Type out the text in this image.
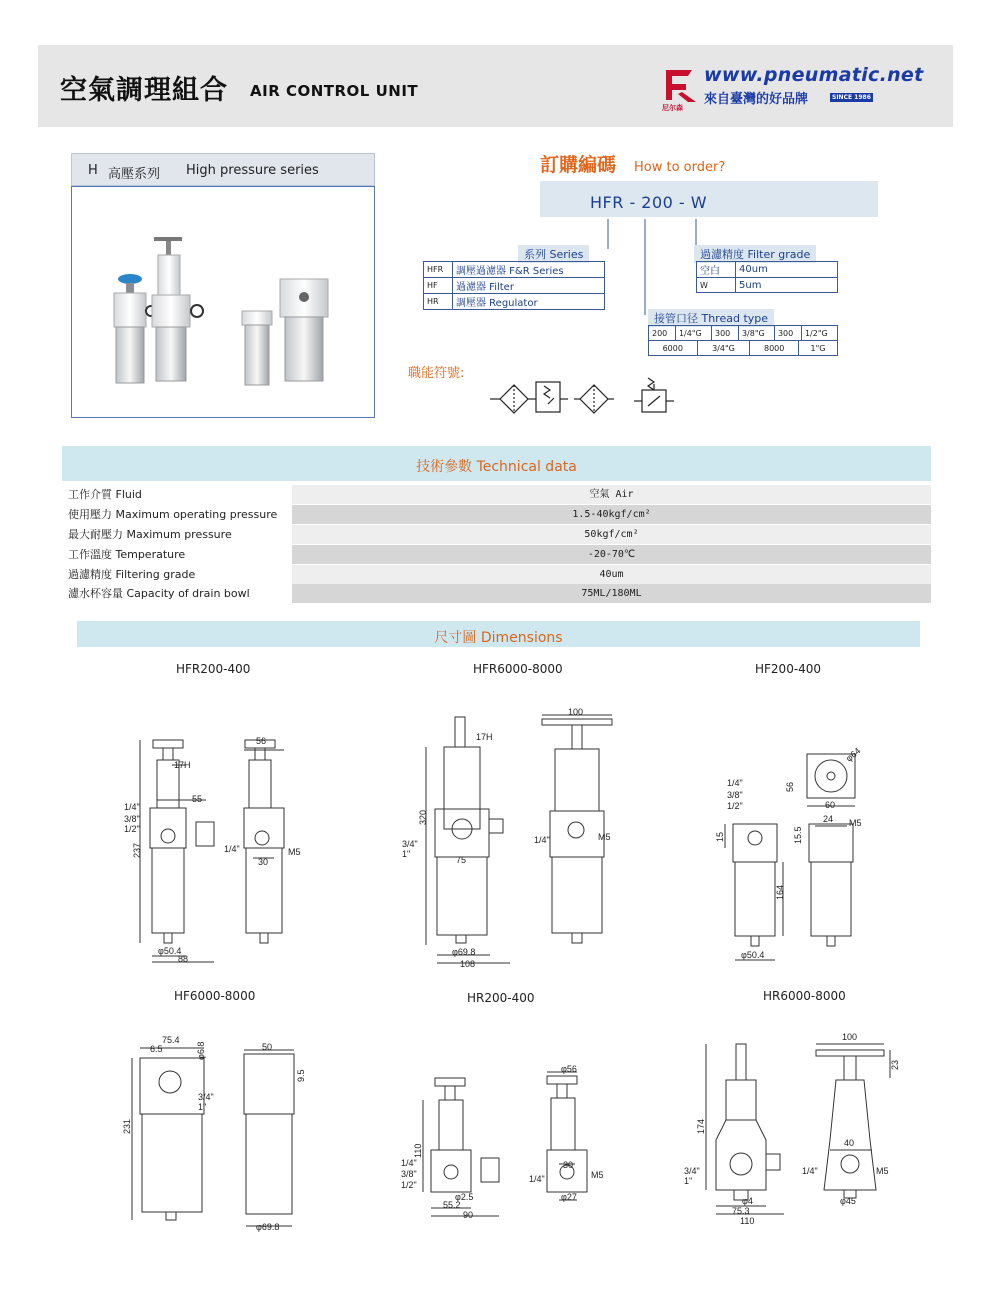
空氣調理組合 AIR CONTROL UNIT
尼尔森
www.pneumatic.net
來自臺灣的好品牌	SINCE 1986
H 高壓系列 High pressure series	訂購編碼 How to order?
HFR - 200 - W
系列 Series
HFR	調壓過濾器 F&R Series
HF	過濾器 Filter
HR	調壓器 Regulator
過濾精度 Filter grade
空白	40um
W	5um
接管口径 Thread type
200	1/4"G	300	3/8"G	300	1/2"G
6000	3/4"G	8000	1"G
職能符號:
技術參數 Technical data
工作介質 Fluid	空氣 Air
使用壓力 Maximum operating pressure	1.5-40kgf/cm²
最大耐壓力 Maximum pressure	50kgf/cm²
工作溫度 Temperature	-20-70℃
過濾精度 Filtering grade	40um
濾水杯容量 Capacity of drain bowl	75ML/180ML
尺寸圖 Dimensions
HFR200-400	HFR6000-8000	HF200-400
HF6000-8000	HR200-400	HR6000-8000
17H
55
1/4"
3/8"
1/2"
237
φ50.4
88
56
1/4"
30
M5
17H
320
3/4"
1"
75
φ69.8
108
100
1/4"	M5
1/4"
3/8"
1/2"
56
φ64
60
15
164
φ50.4
15.5
24 M5
75.4
6.5	φ6.8
231
3/4"
1"
50
9.5
φ69.8
110
1/4"
3/8"
1/2"
φ2.5
55.2
90
φ56
30
1/4"	M5
φ27
174
3/4"
1"
φ4
75.3
110
100
23
40
1/4"	M5
φ45
